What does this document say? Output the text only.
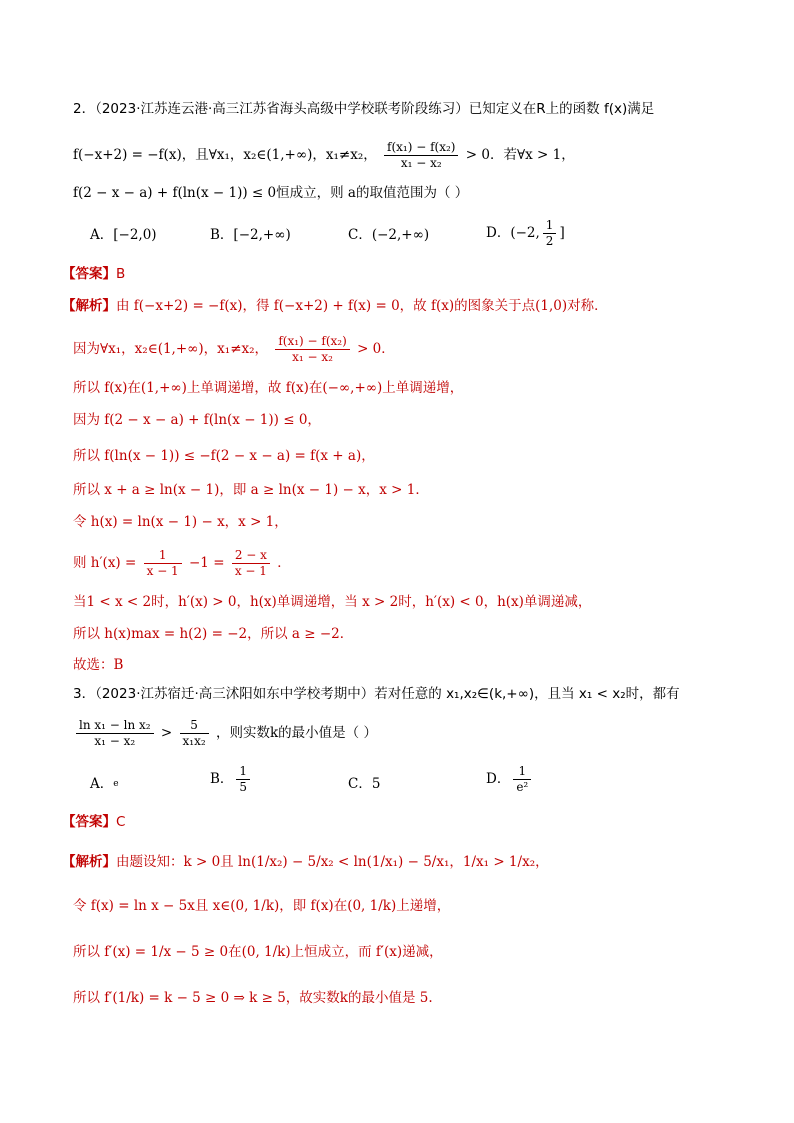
2．（2023·江苏连云港·高三江苏省海头高级中学校联考阶段练习）已知定义在R上的函数 f(x)满足
f(−x+2) = −f(x)，且∀x₁，x₂∈(1,+∞)，x₁≠x₂， $\frac{\text{f(x₁) − f(x₂)}}{\text{x₁ − x₂}} > 0$．若∀x > 1，
f(2 − x − a) + f(ln(x − 1)) ≤ 0恒成立，则 a的取值范围为（ ）
A．[−2,0)	B．[−2,+∞)	C．(−2,+∞)	D．(−2, $\frac{1}{2}$ ]
【答案】B
【解析】由 f(−x+2) = −f(x)，得 f(−x+2) + f(x) = 0，故 f(x)的图象关于点(1,0)对称．
因为∀x₁，x₂∈(1,+∞)，x₁≠x₂， $\frac{\text{f(x₁) − f(x₂)}}{\text{x₁ − x₂}} > 0$．
所以 f(x)在(1,+∞)上单调递增，故 f(x)在(−∞,+∞)上单调递增，
因为 f(2 − x − a) + f(ln(x − 1)) ≤ 0，
所以 f(ln(x − 1)) ≤ −f(2 − x − a) = f(x + a)，
所以 x + a ≥ ln(x − 1)，即 a ≥ ln(x − 1) − x，x > 1．
令 h(x) = ln(x − 1) − x，x > 1，
则 $h'(x) = \frac{1}{x - 1} -1 = \frac{2 - x}{x - 1}$ ．
当1 < x < 2时，h′(x) > 0，h(x)单调递增，当 x > 2时，h′(x) < 0，h(x)单调递减，
所以 h(x)max = h(2) = −2，所以 a ≥ −2．
故选：B
3．（2023·江苏宿迁·高三沭阳如东中学校考期中）若对任意的 x₁,x₂∈(k,+∞)，且当 x₁ < x₂时，都有
$\frac{\text{ln x₁ − ln x₂}}{\text{x₁ − x₂}} > \frac{5}{\text{x₁x₂}}$ ，则实数k的最小值是（ ）
A．$^e$	B． $\frac{1}{5}$	C．5	D． $\frac{1}{\text{e²}}$
【答案】C
【解析】由题设知：k > 0且 ln(1/x₂) − 5/x₂ < ln(1/x₁) − 5/x₁，1/x₁ > 1/x₂，
令 f(x) = ln x − 5x且 x∈(0, 1/k)，即 f(x)在(0, 1/k)上递增，
所以 f′(x) = 1/x − 5 ≥ 0在(0, 1/k)上恒成立，而 f′(x)递减，
所以 f′(1/k) = k − 5 ≥ 0 ⇒ k ≥ 5，故实数k的最小值是 5.
